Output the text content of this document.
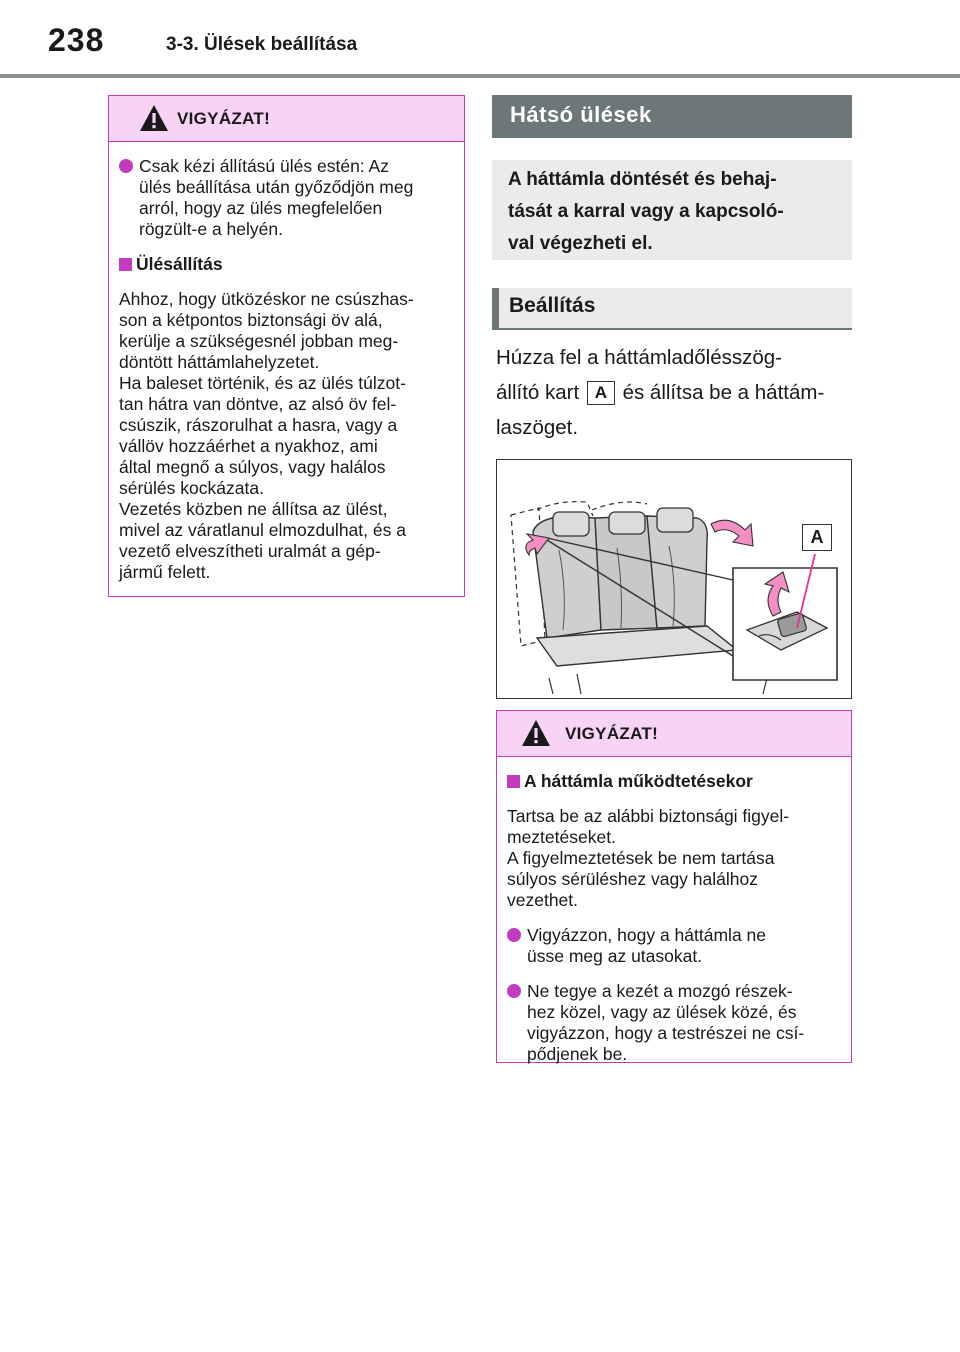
238	3-3. Ülések beállítása
VIGYÁZAT!
Csak kézi állítású ülés estén: Az
ülés beállítása után győződjön meg
arról, hogy az ülés megfelelően
rögzült-e a helyén.
Ülésállítás
Ahhoz, hogy ütközéskor ne csúszhas-
son a kétpontos biztonsági öv alá,
kerülje a szükségesnél jobban meg-
döntött háttámlahelyzetet.
Ha baleset történik, és az ülés túlzot-
tan hátra van döntve, az alsó öv fel-
csúszik, rászorulhat a hasra, vagy a
vállöv hozzáérhet a nyakhoz, ami
által megnő a súlyos, vagy halálos
sérülés kockázata.
Vezetés közben ne állítsa az ülést,
mivel az váratlanul elmozdulhat, és a
vezető elveszítheti uralmát a gép-
jármű felett.
Hátsó ülések
A háttámla döntését és behaj-
tását a karral vagy a kapcsoló-
val végezheti el.
Beállítás
Húzza fel a háttámladőlésszög-
állító kart A és állítsa be a háttám-
laszöget.
A
VIGYÁZAT!
A háttámla működtetésekor
Tartsa be az alábbi biztonsági figyel-
meztetéseket.
A figyelmeztetések be nem tartása
súlyos sérüléshez vagy halálhoz
vezethet.
Vigyázzon, hogy a háttámla ne
üsse meg az utasokat.
Ne tegye a kezét a mozgó részek-
hez közel, vagy az ülések közé, és
vigyázzon, hogy a testrészei ne csí-
pődjenek be.
